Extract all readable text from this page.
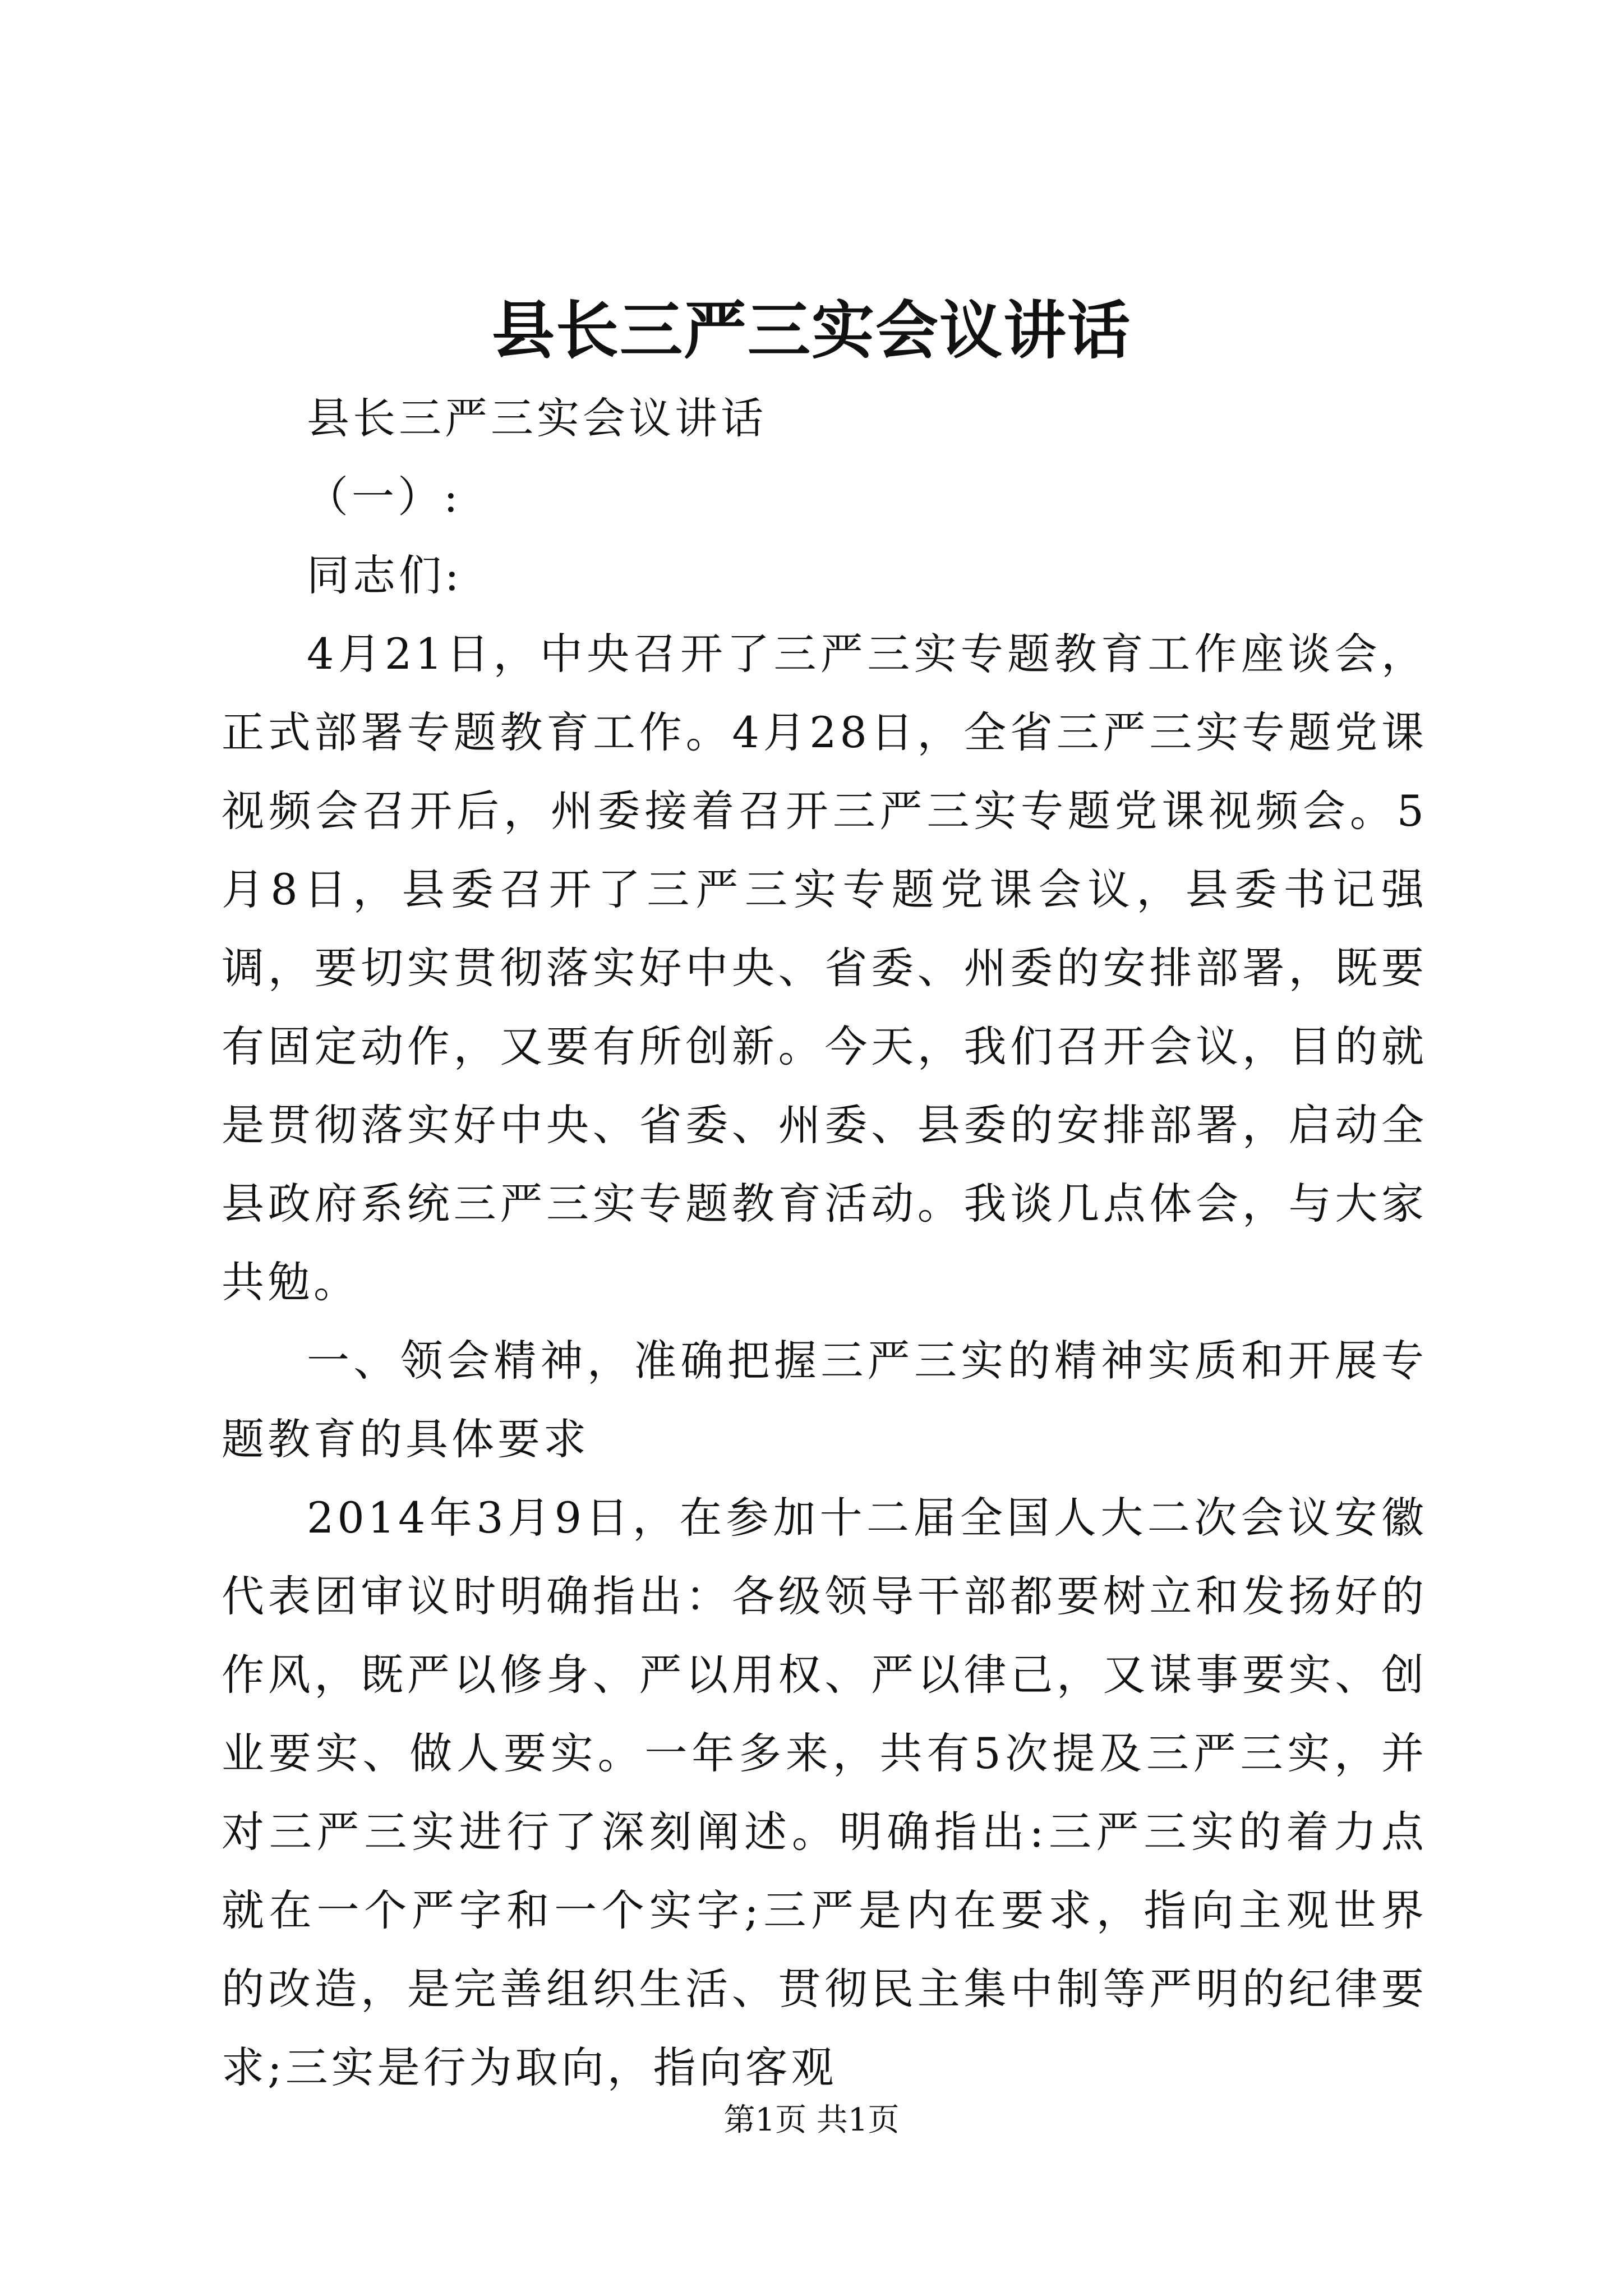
县长三严三实会议讲话

县长三严三实会议讲话

（一）:

同志们:

4月21日，中央召开了三严三实专题教育工作座谈会，正式部署专题教育工作。4月28日，全省三严三实专题党课视频会召开后，州委接着召开三严三实专题党课视频会。5月8日，县委召开了三严三实专题党课会议，县委书记强调，要切实贯彻落实好中央、省委、州委的安排部署，既要有固定动作，又要有所创新。今天，我们召开会议，目的就是贯彻落实好中央、省委、州委、县委的安排部署，启动全县政府系统三严三实专题教育活动。我谈几点体会，与大家共勉。

一、领会精神，准确把握三严三实的精神实质和开展专题教育的具体要求

2014年3月9日，在参加十二届全国人大二次会议安徽代表团审议时明确指出：各级领导干部都要树立和发扬好的作风，既严以修身、严以用权、严以律己，又谋事要实、创业要实、做人要实。一年多来，共有5次提及三严三实，并对三严三实进行了深刻阐述。明确指出:三严三实的着力点就在一个严字和一个实字;三严是内在要求，指向主观世界的改造，是完善组织生活、贯彻民主集中制等严明的纪律要求;三实是行为取向，指向客观

第1页 共1页
